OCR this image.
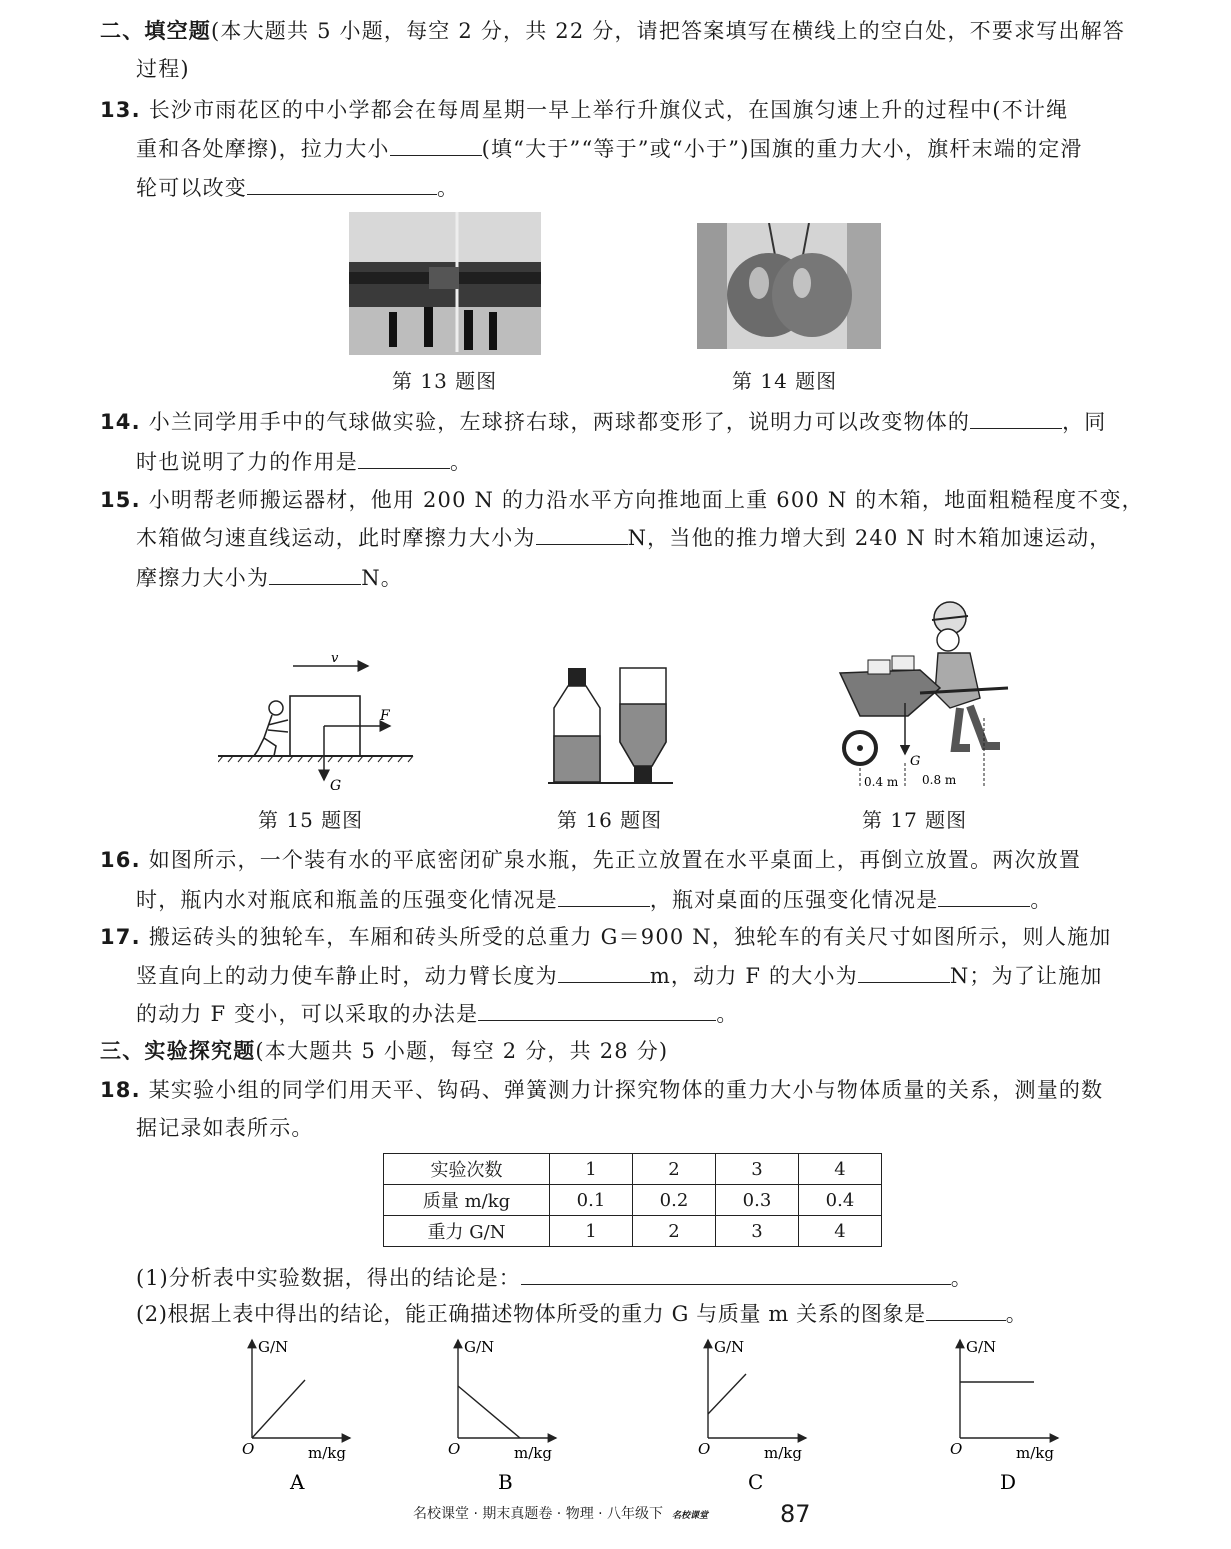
二、填空题(本大题共 5 小题，每空 2 分，共 22 分，请把答案填写在横线上的空白处，不要求写出解答
过程)
13. 长沙市雨花区的中小学都会在每周星期一早上举行升旗仪式，在国旗匀速上升的过程中(不计绳
重和各处摩擦)，拉力大小	(填“大于”“等于”或“小于”)国旗的重力大小，旗杆末端的定滑
轮可以改变	。
第 13 题图	第 14 题图
14. 小兰同学用手中的气球做实验，左球挤右球，两球都变形了，说明力可以改变物体的	，同
时也说明了力的作用是	。
15. 小明帮老师搬运器材，他用 200 N 的力沿水平方向推地面上重 600 N 的木箱，地面粗糙程度不变，
木箱做匀速直线运动，此时摩擦力大小为	N，当他的推力增大到 240 N 时木箱加速运动，
摩擦力大小为	N。
v
F
G
G
0.4 m 0.8 m
第 15 题图	第 16 题图	第 17 题图
16. 如图所示，一个装有水的平底密闭矿泉水瓶，先正立放置在水平桌面上，再倒立放置。两次放置
时，瓶内水对瓶底和瓶盖的压强变化情况是	，瓶对桌面的压强变化情况是	。
17. 搬运砖头的独轮车，车厢和砖头所受的总重力 G＝900 N，独轮车的有关尺寸如图所示，则人施加
竖直向上的动力使车静止时，动力臂长度为	m，动力 F 的大小为	N；为了让施加
的动力 F 变小，可以采取的办法是	。
三、实验探究题(本大题共 5 小题，每空 2 分，共 28 分)
18. 某实验小组的同学们用天平、钩码、弹簧测力计探究物体的重力大小与物体质量的关系，测量的数
据记录如表所示。
实验次数	1	2	3	4
质量 m/kg	0.1	0.2	0.3	0.4
重力 G/N	1	2	3	4
(1)分析表中实验数据，得出的结论是：	。
(2)根据上表中得出的结论，能正确描述物体所受的重力 G 与质量 m 关系的图象是	。
G/N
O	m/kg
A
G/N
O	m/kg
B
G/N
O	m/kg
C
G/N
O	m/kg
D
名校课堂 · 期末真题卷 · 物理 · 八年级下 名校课堂	87
